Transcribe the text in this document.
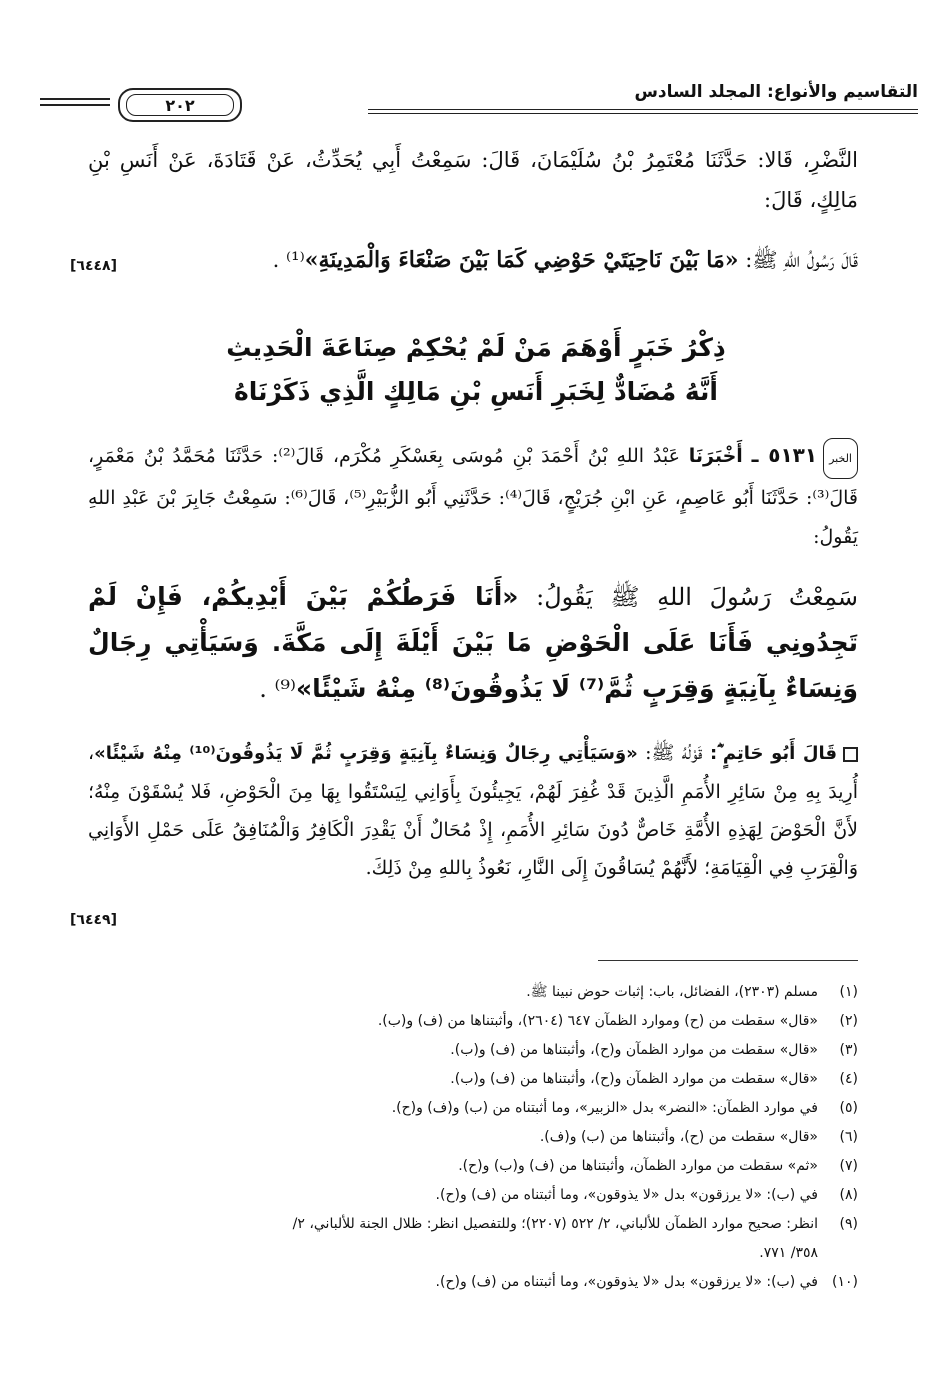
التقاسيم والأنواع: المجلد السادس
٢٠٢
النَّضْرِ، قَالا: حَدَّثَنَا مُعْتَمِرُ بْنُ سُلَيْمَانَ، قَالَ: سَمِعْتُ أَبِي يُحَدِّثُ، عَنْ قَتَادَةَ، عَنْ أَنَسِ بْنِ مَالِكٍ، قَالَ:
قَالَ رَسُولُ اللهِ ﷺ: «مَا بَيْنَ نَاحِيَتَيْ حَوْضِي كَمَا بَيْنَ صَنْعَاءَ وَالْمَدِينَةِ»⁽¹⁾ .
[٦٤٤٨]
ذِكْرُ خَبَرٍ أَوْهَمَ مَنْ لَمْ يُحْكِمْ صِنَاعَةَ الْحَدِيثِ
أَنَّهُ مُضَادٌّ لِخَبَرِ أَنَسِ بْنِ مَالِكٍ الَّذِي ذَكَرْنَاهُ
الخبر٥١٣١ ـ أَخْبَرَنَا عَبْدُ اللهِ بْنُ أَحْمَدَ بْنِ مُوسَى بِعَسْكَرِ مُكْرَم، قَالَ⁽²⁾: حَدَّثَنَا مُحَمَّدُ بْنُ مَعْمَرٍ، قَالَ⁽³⁾: حَدَّثَنَا أَبُو عَاصِمٍ، عَنِ ابْنِ جُرَيْجٍ، قَالَ⁽⁴⁾: حَدَّثَنِي أَبُو الزُّبَيْرِ⁽⁵⁾، قَالَ⁽⁶⁾: سَمِعْتُ جَابِرَ بْنَ عَبْدِ اللهِ يَقُولُ:
سَمِعْتُ رَسُولَ اللهِ ﷺ يَقُولُ: «أَنَا فَرَطُكُمْ بَيْنَ أَيْدِيكُمْ، فَإِنْ لَمْ تَجِدُونِي فَأَنَا عَلَى الْحَوْضِ مَا بَيْنَ أَيْلَةَ إِلَى مَكَّةَ. وَسَيَأْتِي رِجَالٌ وَنِسَاءٌ بِآنِيَةٍ وَقِرَبٍ ثُمَّ⁽⁷⁾ لَا يَذُوقُونَ⁽⁸⁾ مِنْهُ شَيْئًا»⁽⁹⁾ .
قَالَ أَبُو حَاتِمٍ ؓ: قَوْلُهُ ﷺ: «وَسَيَأْتِي رِجَالٌ وَنِسَاءٌ بِآنِيَةٍ وَقِرَبٍ ثُمَّ لَا يَذُوقُونَ⁽¹⁰⁾ مِنْهُ شَيْئًا»، أُرِيدَ بِهِ مِنْ سَائِرِ الأُمَمِ الَّذِينَ قَدْ غُفِرَ لَهُمْ، يَجِيئُونَ بِأَوَانِي لِيَسْتَقُوا بِهَا مِنَ الْحَوْضِ، فَلا يُسْقَوْنَ مِنْهُ؛ لأَنَّ الْحَوْضَ لِهَذِهِ الأُمَّةِ خَاصٌّ دُونَ سَائِرِ الأُمَمِ، إِذْ مُحَالٌ أَنْ يَقْدِرَ الْكَافِرُ وَالْمُنَافِقُ عَلَى حَمْلِ الأَوَانِي وَالْقِرَبِ فِي الْقِيَامَةِ؛ لأَنَّهُمْ يُسَاقُونَ إِلَى النَّارِ، نَعُوذُ بِاللهِ مِنْ ذَلِكَ.
[٦٤٤٩]
(١)
مسلم (٢٣٠٣)، الفضائل، باب: إثبات حوض نبينا ﷺ.
(٢)
«قال» سقطت من (ح) وموارد الظمآن ٦٤٧ (٢٦٠٤)، وأثبتناها من (ف) و(ب).
(٣)
«قال» سقطت من موارد الظمآن و(ح)، وأثبتناها من (ف) و(ب).
(٤)
«قال» سقطت من موارد الظمآن و(ح)، وأثبتناها من (ف) و(ب).
(٥)
في موارد الظمآن: «النضر» بدل «الزبير»، وما أثبتناه من (ب) و(ف) و(ح).
(٦)
«قال» سقطت من (ح)، وأثبتناها من (ب) و(ف).
(٧)
«ثم» سقطت من موارد الظمآن، وأثبتناها من (ف) و(ب) و(ح).
(٨)
في (ب): «لا يرزقون» بدل «لا يذوقون»، وما أثبتناه من (ف) و(ح).
(٩)
انظر: صحيح موارد الظمآن للألباني، ٢/ ٥٢٢ (٢٢٠٧)؛ وللتفصيل انظر: ظلال الجنة للألباني، ٢/
٣٥٨/ ٧٧١.
(١٠)
في (ب): «لا يرزقون» بدل «لا يذوقون»، وما أثبتناه من (ف) و(ح).
